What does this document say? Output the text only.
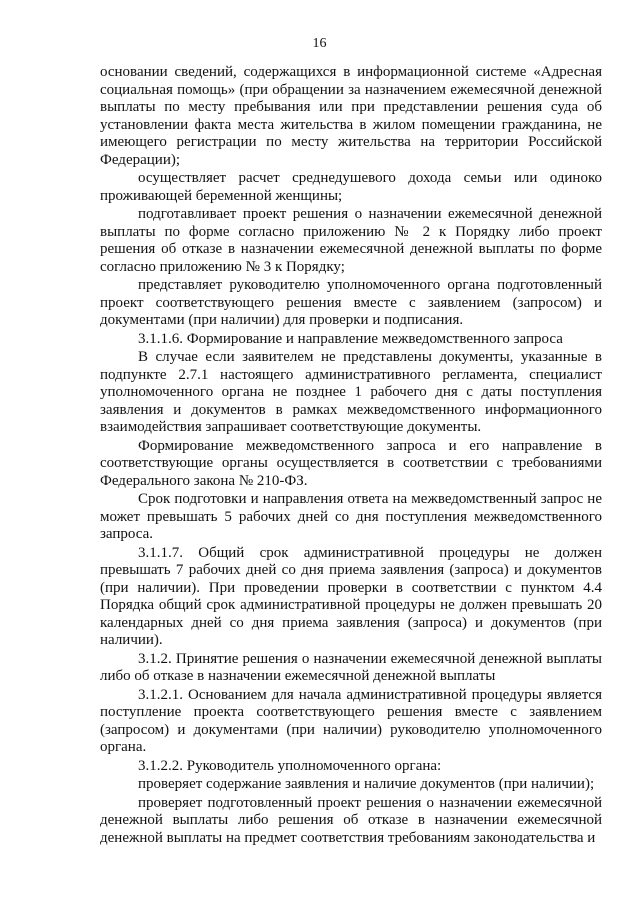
16

основании сведений, содержащихся в информационной системе «Адресная социальная помощь» (при обращении за назначением ежемесячной денежной выплаты по месту пребывания или при представлении решения суда об установлении факта места жительства в жилом помещении гражданина, не имеющего регистрации по месту жительства на территории Российской Федерации);

осуществляет расчет среднедушевого дохода семьи или одиноко проживающей беременной женщины;

подготавливает проект решения о назначении ежемесячной денежной выплаты по форме согласно приложению № 2 к Порядку либо проект решения об отказе в назначении ежемесячной денежной выплаты по форме согласно приложению № 3 к Порядку;

представляет руководителю уполномоченного органа подготовленный проект соответствующего решения вместе с заявлением (запросом) и документами (при наличии) для проверки и подписания.

3.1.1.6. Формирование и направление межведомственного запроса

В случае если заявителем не представлены документы, указанные в подпункте 2.7.1 настоящего административного регламента, специалист уполномоченного органа не позднее 1 рабочего дня с даты поступления заявления и документов в рамках межведомственного информационного взаимодействия запрашивает соответствующие документы.

Формирование межведомственного запроса и его направление в соответствующие органы осуществляется в соответствии с требованиями Федерального закона № 210-ФЗ.

Срок подготовки и направления ответа на межведомственный запрос не может превышать 5 рабочих дней со дня поступления межведомственного запроса.

3.1.1.7. Общий срок административной процедуры не должен превышать 7 рабочих дней со дня приема заявления (запроса) и документов (при наличии). При проведении проверки в соответствии с пунктом 4.4 Порядка общий срок административной процедуры не должен превышать 20 календарных дней со дня приема заявления (запроса) и документов (при наличии).

3.1.2. Принятие решения о назначении ежемесячной денежной выплаты либо об отказе в назначении ежемесячной денежной выплаты

3.1.2.1. Основанием для начала административной процедуры является поступление проекта соответствующего решения вместе с заявлением (запросом) и документами (при наличии) руководителю уполномоченного органа.

3.1.2.2. Руководитель уполномоченного органа:

проверяет содержание заявления и наличие документов (при наличии);

проверяет подготовленный проект решения о назначении ежемесячной денежной выплаты либо решения об отказе в назначении ежемесячной денежной выплаты на предмет соответствия требованиям законодательства и
